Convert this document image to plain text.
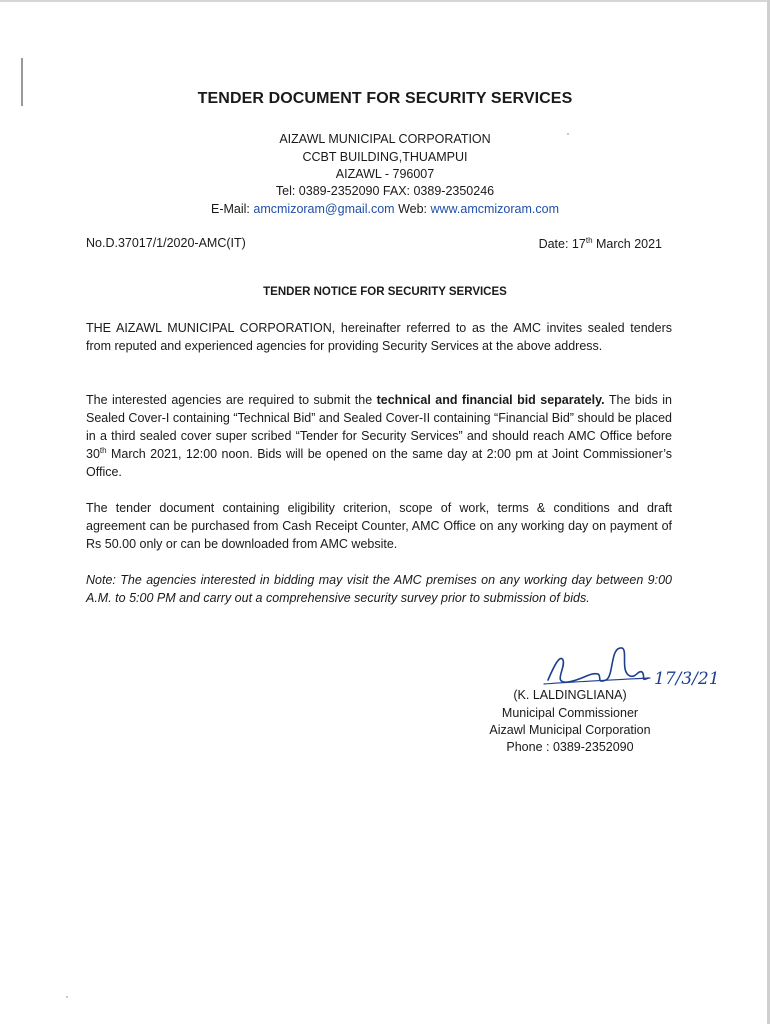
TENDER DOCUMENT FOR SECURITY SERVICES
AIZAWL MUNICIPAL CORPORATION
CCBT BUILDING,THUAMPUI
AIZAWL - 796007
Tel: 0389-2352090 FAX: 0389-2350246
E-Mail: amcmizoram@gmail.com Web: www.amcmizoram.com
No.D.37017/1/2020-AMC(IT)	Date: 17th March 2021
TENDER NOTICE FOR SECURITY SERVICES
THE AIZAWL MUNICIPAL CORPORATION, hereinafter referred to as the AMC invites sealed tenders from reputed and experienced agencies for providing Security Services at the above address.
The interested agencies are required to submit the technical and financial bid separately. The bids in Sealed Cover-I containing “Technical Bid” and Sealed Cover-II containing “Financial Bid” should be placed in a third sealed cover super scribed “Tender for Security Services” and should reach AMC Office before 30th March 2021, 12:00 noon. Bids will be opened on the same day at 2:00 pm at Joint Commissioner’s Office.
The tender document containing eligibility criterion, scope of work, terms & conditions and draft agreement can be purchased from Cash Receipt Counter, AMC Office on any working day on payment of Rs 50.00 only or can be downloaded from AMC website.
Note: The agencies interested in bidding may visit the AMC premises on any working day between 9:00 A.M. to 5:00 PM and carry out a comprehensive security survey prior to submission of bids.
17/3/21
(K. LALDINGLIANA)
Municipal Commissioner
Aizawl Municipal Corporation
Phone : 0389-2352090
